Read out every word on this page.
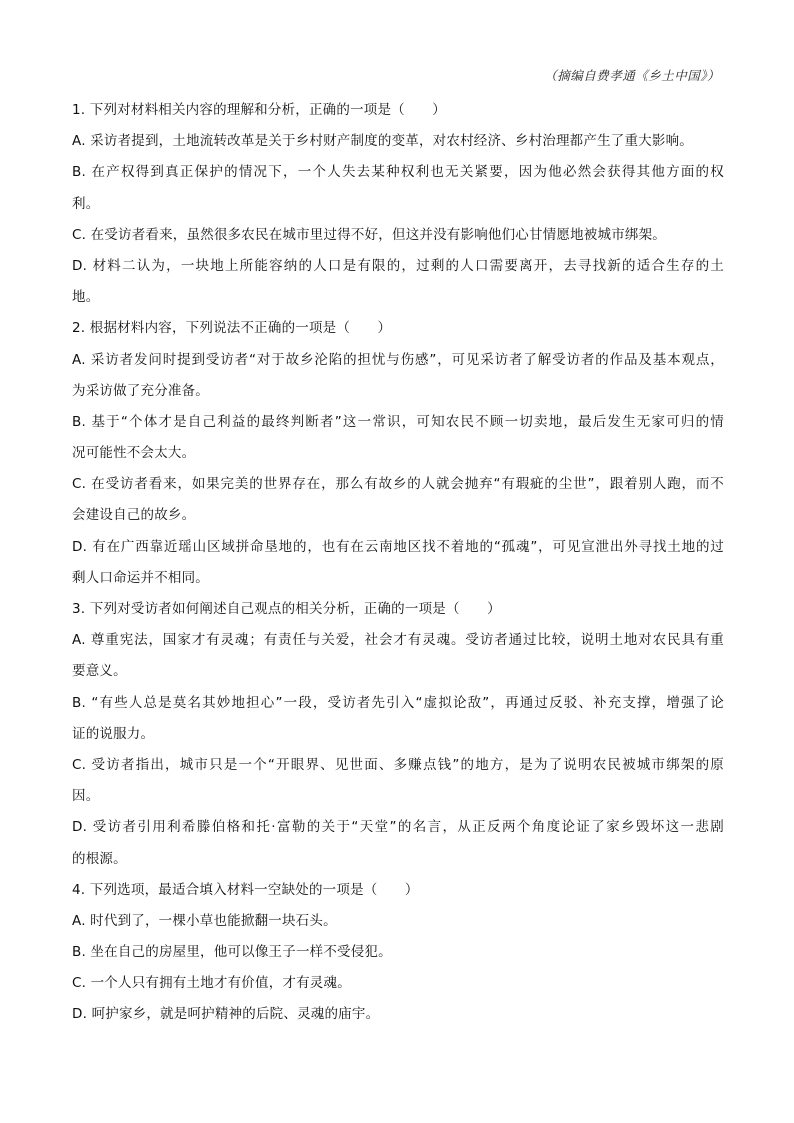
（摘编自费孝通《乡土中国》）
1. 下列对材料相关内容的理解和分析，正确的一项是（　　）
A. 采访者提到，土地流转改革是关于乡村财产制度的变革，对农村经济、乡村治理都产生了重大影响。
B. 在产权得到真正保护的情况下，一个人失去某种权利也无关紧要，因为他必然会获得其他方面的权
利。
C. 在受访者看来，虽然很多农民在城市里过得不好，但这并没有影响他们心甘情愿地被城市绑架。
D. 材料二认为，一块地上所能容纳的人口是有限的，过剩的人口需要离开，去寻找新的适合生存的土
地。
2. 根据材料内容，下列说法不正确的一项是（　　）
A. 采访者发问时提到受访者“对于故乡沦陷的担忧与伤感”，可见采访者了解受访者的作品及基本观点，
为采访做了充分准备。
B. 基于“个体才是自己利益的最终判断者”这一常识，可知农民不顾一切卖地，最后发生无家可归的情
况可能性不会太大。
C. 在受访者看来，如果完美的世界存在，那么有故乡的人就会抛弃“有瑕疵的尘世”，跟着别人跑，而不
会建设自己的故乡。
D. 有在广西靠近瑶山区域拼命垦地的，也有在云南地区找不着地的“孤魂”，可见宣泄出外寻找土地的过
剩人口命运并不相同。
3. 下列对受访者如何阐述自己观点的相关分析，正确的一项是（　　）
A. 尊重宪法，国家才有灵魂；有责任与关爱，社会才有灵魂。受访者通过比较，说明土地对农民具有重
要意义。
B. “有些人总是莫名其妙地担心”一段，受访者先引入“虚拟论敌”，再通过反驳、补充支撑，增强了论
证的说服力。
C. 受访者指出，城市只是一个“开眼界、见世面、多赚点钱”的地方，是为了说明农民被城市绑架的原
因。
D. 受访者引用利希滕伯格和托·富勒的关于“天堂”的名言，从正反两个角度论证了家乡毁坏这一悲剧
的根源。
4. 下列选项，最适合填入材料一空缺处的一项是（　　）
A. 时代到了，一棵小草也能掀翻一块石头。
B. 坐在自己的房屋里，他可以像王子一样不受侵犯。
C. 一个人只有拥有土地才有价值，才有灵魂。
D. 呵护家乡，就是呵护精神的后院、灵魂的庙宇。
